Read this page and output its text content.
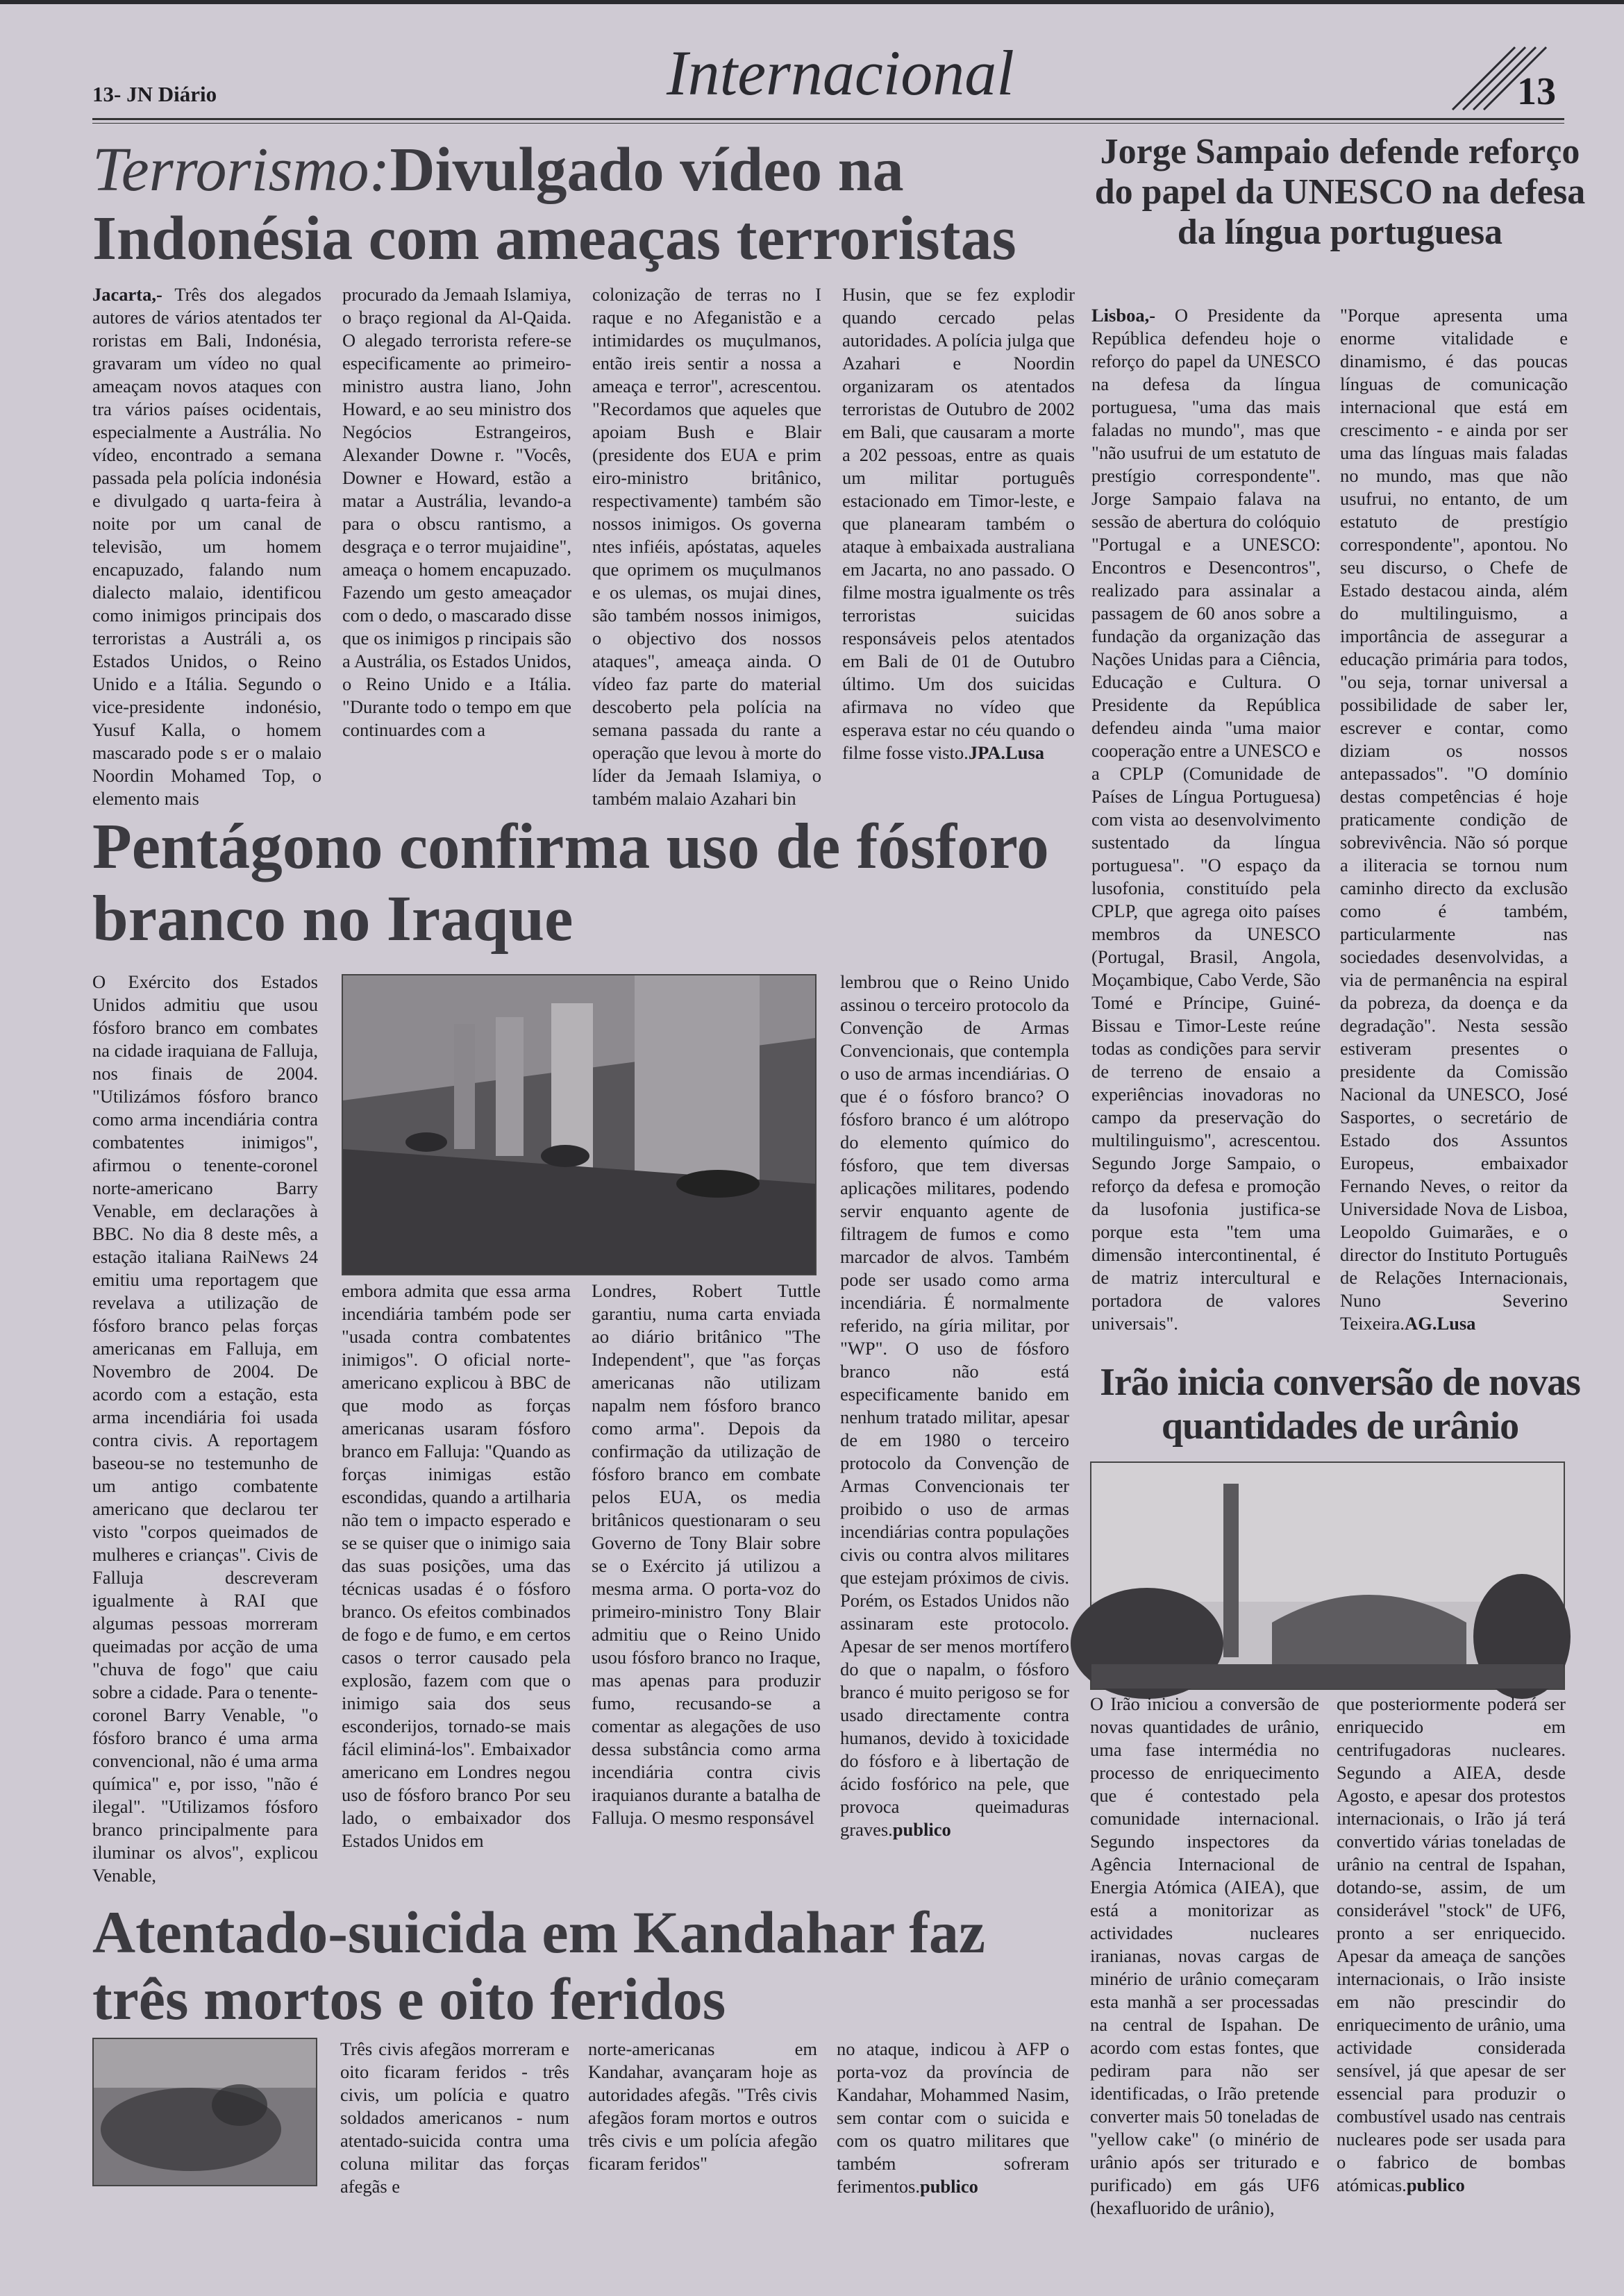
13- JN Diário	Internacional	13
Terrorismo:Divulgado vídeo na Indonésia com ameaças terroristas

Jacarta,- Três dos alegados autores de vários atentados ter roristas em Bali, Indonésia, gravaram um vídeo no qual ameaçam novos ataques con tra vários países ocidentais, especialmente a Austrália. No vídeo, encontrado a semana passada pela polícia indonésia e divulgado q uarta-feira à noite por um canal de televisão, um homem encapuzado, falando num dialecto malaio, identificou como inimigos principais dos terroristas a Austráli a, os Estados Unidos, o Reino Unido e a Itália. Segundo o vice-presidente indonésio, Yusuf Kalla, o homem mascarado pode s er o malaio Noordin Mohamed Top, o elemento mais

procurado da Jemaah Islamiya, o braço regional da Al-Qaida. O alegado terrorista refere-se especificamente ao primeiro-ministro austra liano, John Howard, e ao seu ministro dos Negócios Estrangeiros, Alexander Downe r. "Vocês, Downer e Howard, estão a matar a Austrália, levando-a para o obscu rantismo, a desgraça e o terror mujaidine", ameaça o homem encapuzado. Fazendo um gesto ameaçador com o dedo, o mascarado disse que os inimigos p rincipais são a Austrália, os Estados Unidos, o Reino Unido e a Itália. "Durante todo o tempo em que continuardes com a
colonização de terras no I raque e no Afeganistão e a intimidardes os muçulmanos, então ireis sentir a nossa a ameaça e terror", acrescentou. "Recordamos que aqueles que apoiam Bush e Blair (presidente dos EUA e prim eiro-ministro britânico, respectivamente) também são nossos inimigos. Os governa ntes infiéis, apóstatas, aqueles que oprimem os muçulmanos e os ulemas, os mujai dines, são também nossos inimigos, o objectivo dos nossos ataques", ameaça ainda. O vídeo faz parte do material descoberto pela polícia na semana passada du rante a operação que levou à morte do líder da Jemaah Islamiya, o também malaio Azahari bin

Husin, que se fez explodir quando cercado pelas autoridades. A polícia julga que Azahari e Noordin organizaram os atentados terroristas de Outubro de 2002 em Bali, que causaram a morte a 202 pessoas, entre as quais um militar português estacionado em Timor-leste, e que planearam também o ataque à embaixada australiana em Jacarta, no ano passado. O filme mostra igualmente os três terroristas suicidas responsáveis pelos atentados em Bali de 01 de Outubro último. Um dos suicidas afirmava no vídeo que esperava estar no céu quando o filme fosse visto.JPA.Lusa

Pentágono confirma uso de fósforo branco no Iraque
O Exército dos Estados Unidos admitiu que usou fósforo branco em combates na cidade iraquiana de Falluja, nos finais de 2004. "Utilizámos fósforo branco como arma incendiária contra combatentes inimigos", afirmou o tenente-coronel norte-americano Barry Venable, em declarações à BBC. No dia 8 deste mês, a estação italiana RaiNews 24 emitiu uma reportagem que revelava a utilização de fósforo branco pelas forças americanas em Falluja, em Novembro de 2004. De acordo com a estação, esta arma incendiária foi usada contra civis. A reportagem baseou-se no testemunho de um antigo combatente americano que declarou ter visto "corpos queimados de mulheres e crianças". Civis de Falluja descreveram igualmente à RAI que algumas pessoas morreram queimadas por acção de uma "chuva de fogo" que caiu sobre a cidade. Para o tenente-coronel Barry Venable, "o fósforo branco é uma arma convencional, não é uma arma química" e, por isso, "não é ilegal". "Utilizamos fósforo branco principalmente para iluminar os alvos", explicou Venable,
embora admita que essa arma incendiária também pode ser "usada contra combatentes inimigos". O oficial norte-americano explicou à BBC de que modo as forças americanas usaram fósforo branco em Falluja: "Quando as forças inimigas estão escondidas, quando a artilharia não tem o impacto esperado e se se quiser que o inimigo saia das suas posições, uma das técnicas usadas é o fósforo branco. Os efeitos combinados de fogo e de fumo, e em certos casos o terror causado pela explosão, fazem com que o inimigo saia dos seus esconderijos, tornado-se mais fácil eliminá-los". Embaixador americano em Londres negou uso de fósforo branco Por seu lado, o embaixador dos Estados Unidos em
Londres, Robert Tuttle garantiu, numa carta enviada ao diário britânico "The Independent", que "as forças americanas não utilizam napalm nem fósforo branco como arma". Depois da confirmação da utilização de fósforo branco em combate pelos EUA, os media britânicos questionaram o seu Governo de Tony Blair sobre se o Exército já utilizou a mesma arma. O porta-voz do primeiro-ministro Tony Blair admitiu que o Reino Unido usou fósforo branco no Iraque, mas apenas para produzir fumo, recusando-se a comentar as alegações de uso dessa substância como arma incendiária contra civis iraquianos durante a batalha de Falluja. O mesmo responsável

lembrou que o Reino Unido assinou o terceiro protocolo da Convenção de Armas Convencionais, que contempla o uso de armas incendiárias. O que é o fósforo branco? O fósforo branco é um alótropo do elemento químico do fósforo, que tem diversas aplicações militares, podendo servir enquanto agente de filtragem de fumos e como marcador de alvos. Também pode ser usado como arma incendiária. É normalmente referido, na gíria militar, por "WP". O uso de fósforo branco não está especificamente banido em nenhum tratado militar, apesar de em 1980 o terceiro protocolo da Convenção de Armas Convencionais ter proibido o uso de armas incendiárias contra populações civis ou contra alvos militares que estejam próximos de civis. Porém, os Estados Unidos não assinaram este protocolo. Apesar de ser menos mortífero do que o napalm, o fósforo branco é muito perigoso se for usado directamente contra humanos, devido à toxicidade do fósforo e à libertação de ácido fosfórico na pele, que provoca queimaduras graves.publico

Atentado-suicida em Kandahar faz três mortos e oito feridos
Três civis afegãos morreram e oito ficaram feridos - três civis, um polícia e quatro soldados americanos - num atentado-suicida contra uma coluna militar das forças afegãs e
norte-americanas em Kandahar, avançaram hoje as autoridades afegãs. "Três civis afegãos foram mortos e outros três civis e um polícia afegão ficaram feridos"

no ataque, indicou à AFP o porta-voz da província de Kandahar, Mohammed Nasim, sem contar com o suicida e com os quatro militares que também sofreram ferimentos.publico

Jorge Sampaio defende reforço do papel da UNESCO na defesa da língua portuguesa

Lisboa,- O Presidente da República defendeu hoje o reforço do papel da UNESCO na defesa da língua portuguesa, "uma das mais faladas no mundo", mas que "não usufrui de um estatuto de prestígio correspondente". Jorge Sampaio falava na sessão de abertura do colóquio "Portugal e a UNESCO: Encontros e Desencontros", realizado para assinalar a passagem de 60 anos sobre a fundação da organização das Nações Unidas para a Ciência, Educação e Cultura. O Presidente da República defendeu ainda "uma maior cooperação entre a UNESCO e a CPLP (Comunidade de Países de Língua Portuguesa) com vista ao desenvolvimento sustentado da língua portuguesa". "O espaço da lusofonia, constituído pela CPLP, que agrega oito países membros da UNESCO (Portugal, Brasil, Angola, Moçambique, Cabo Verde, São Tomé e Príncipe, Guiné-Bissau e Timor-Leste reúne todas as condições para servir de terreno de ensaio a experiências inovadoras no campo da preservação do multilinguismo", acrescentou. Segundo Jorge Sampaio, o reforço da defesa e promoção da lusofonia justifica-se porque esta "tem uma dimensão intercontinental, é de matriz intercultural e portadora de valores universais".

"Porque apresenta uma enorme vitalidade e dinamismo, é das poucas línguas de comunicação internacional que está em crescimento - e ainda por ser uma das línguas mais faladas no mundo, mas que não usufrui, no entanto, de um estatuto de prestígio correspondente", apontou. No seu discurso, o Chefe de Estado destacou ainda, além do multilinguismo, a importância de assegurar a educação primária para todos, "ou seja, tornar universal a possibilidade de saber ler, escrever e contar, como diziam os nossos antepassados". "O domínio destas competências é hoje praticamente condição de sobrevivência. Não só porque a iliteracia se tornou num caminho directo da exclusão como é também, particularmente nas sociedades desenvolvidas, a via de permanência na espiral da pobreza, da doença e da degradação". Nesta sessão estiveram presentes o presidente da Comissão Nacional da UNESCO, José Sasportes, o secretário de Estado dos Assuntos Europeus, embaixador Fernando Neves, o reitor da Universidade Nova de Lisboa, Leopoldo Guimarães, e o director do Instituto Português de Relações Internacionais, Nuno Severino Teixeira.AG.Lusa

Irão inicia conversão de novas quantidades de urânio
O Irão iniciou a conversão de novas quantidades de urânio, uma fase intermédia no processo de enriquecimento que é contestado pela comunidade internacional. Segundo inspectores da Agência Internacional de Energia Atómica (AIEA), que está a monitorizar as actividades nucleares iranianas, novas cargas de minério de urânio começaram esta manhã a ser processadas na central de Ispahan. De acordo com estas fontes, que pediram para não ser identificadas, o Irão pretende converter mais 50 toneladas de "yellow cake" (o minério de urânio após ser triturado e purificado) em gás UF6 (hexafluorido de urânio),

que posteriormente poderá ser enriquecido em centrifugadoras nucleares. Segundo a AIEA, desde Agosto, e apesar dos protestos internacionais, o Irão já terá convertido várias toneladas de urânio na central de Ispahan, dotando-se, assim, de um considerável "stock" de UF6, pronto a ser enriquecido. Apesar da ameaça de sanções internacionais, o Irão insiste em não prescindir do enriquecimento de urânio, uma actividade considerada sensível, já que apesar de ser essencial para produzir o combustível usado nas centrais nucleares pode ser usada para o fabrico de bombas atómicas.publico
